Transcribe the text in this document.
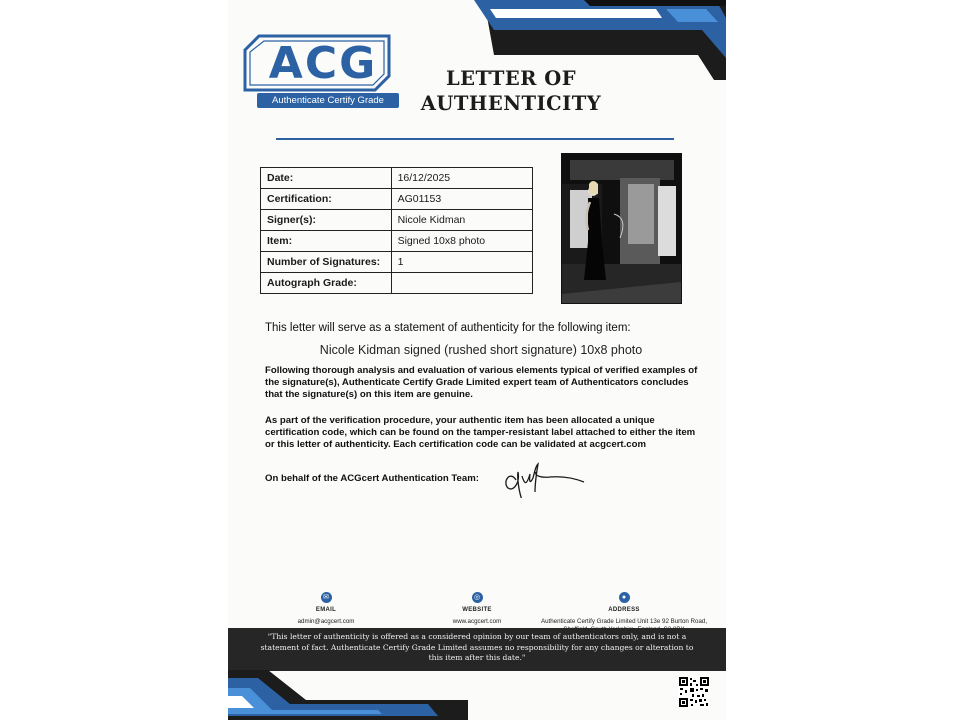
ACG
Authenticate Certify Grade
LETTER OF
AUTHENTICITY
Date:	16/12/2025
Certification:	AG01153
Signer(s):	Nicole Kidman
Item:	Signed 10x8 photo
Number of Signatures:	1
Autograph Grade:	
This letter will serve as a statement of authenticity for the following item:
Nicole Kidman signed (rushed short signature) 10x8 photo
Following thorough analysis and evaluation of various elements typical of verified examples of the signature(s), Authenticate Certify Grade Limited expert team of Authenticators concludes that the signature(s) on this item are genuine.
As part of the verification procedure, your authentic item has been allocated a unique certification code, which can be found on the tamper-resistant label attached to either the item or this letter of authenticity. Each certification code can be validated at acgcert.com
On behalf of the ACGcert Authentication Team:
✉
EMAIL
admin@acgcert.com
◎
WEBSITE
www.acgcert.com
●
ADDRESS
Authenticate Certify Grade Limited Unit 13e 92 Burton Road,
"This letter of authenticity is offered as a considered opinion by our team of authenticators only, and is not a statement of fact. Authenticate Certify Grade Limited assumes no responsibility for any changes or alteration to this item after this date."
